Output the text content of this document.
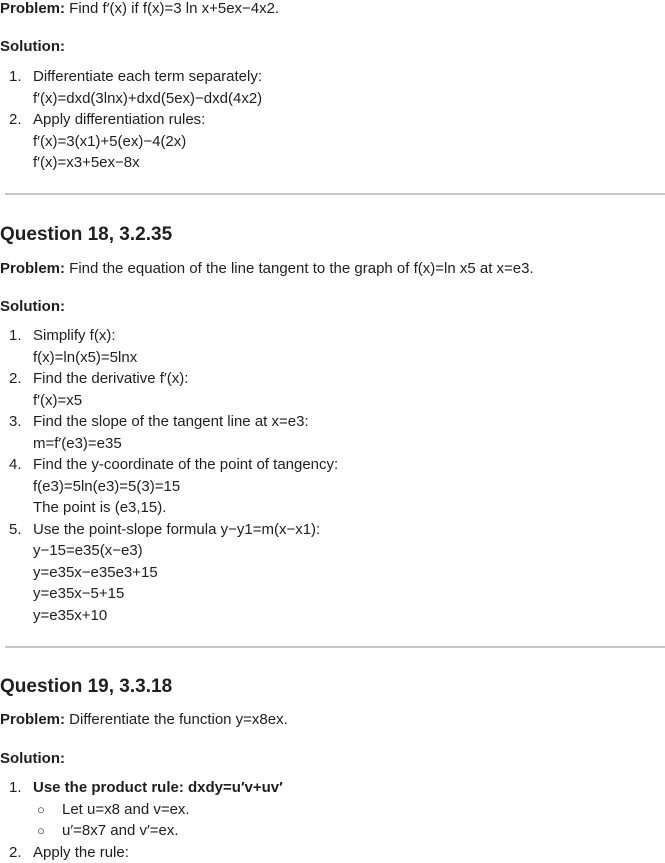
Problem: Find f′(x) if f(x)=3 ln x+5ex−4x2.

Solution:

1. Differentiate each term separately:
f′(x)=dxd(3lnx)+dxd(5ex)−dxd(4x2)
2. Apply differentiation rules:
f′(x)=3(x1)+5(ex)−4(2x)
f′(x)=x3+5ex−8x
Question 18, 3.2.35

Problem: Find the equation of the line tangent to the graph of f(x)=ln x5 at x=e3.

Solution:

1. Simplify f(x):
f(x)=ln(x5)=5lnx
2. Find the derivative f′(x):
f′(x)=x5
3. Find the slope of the tangent line at x=e3:
m=f′(e3)=e35
4. Find the y-coordinate of the point of tangency:
f(e3)=5ln(e3)=5(3)=15
The point is (e3,15).
5. Use the point-slope formula y−y1=m(x−x1):
y−15=e35(x−e3)
y=e35x−e35e3+15
y=e35x−5+15
y=e35x+10
Question 19, 3.3.18

Problem: Differentiate the function y=x8ex.

Solution:

1. Use the product rule: dxdy=u′v+uv′
○ Let u=x8 and v=ex.
○ u′=8x7 and v′=ex.
2. Apply the rule:
